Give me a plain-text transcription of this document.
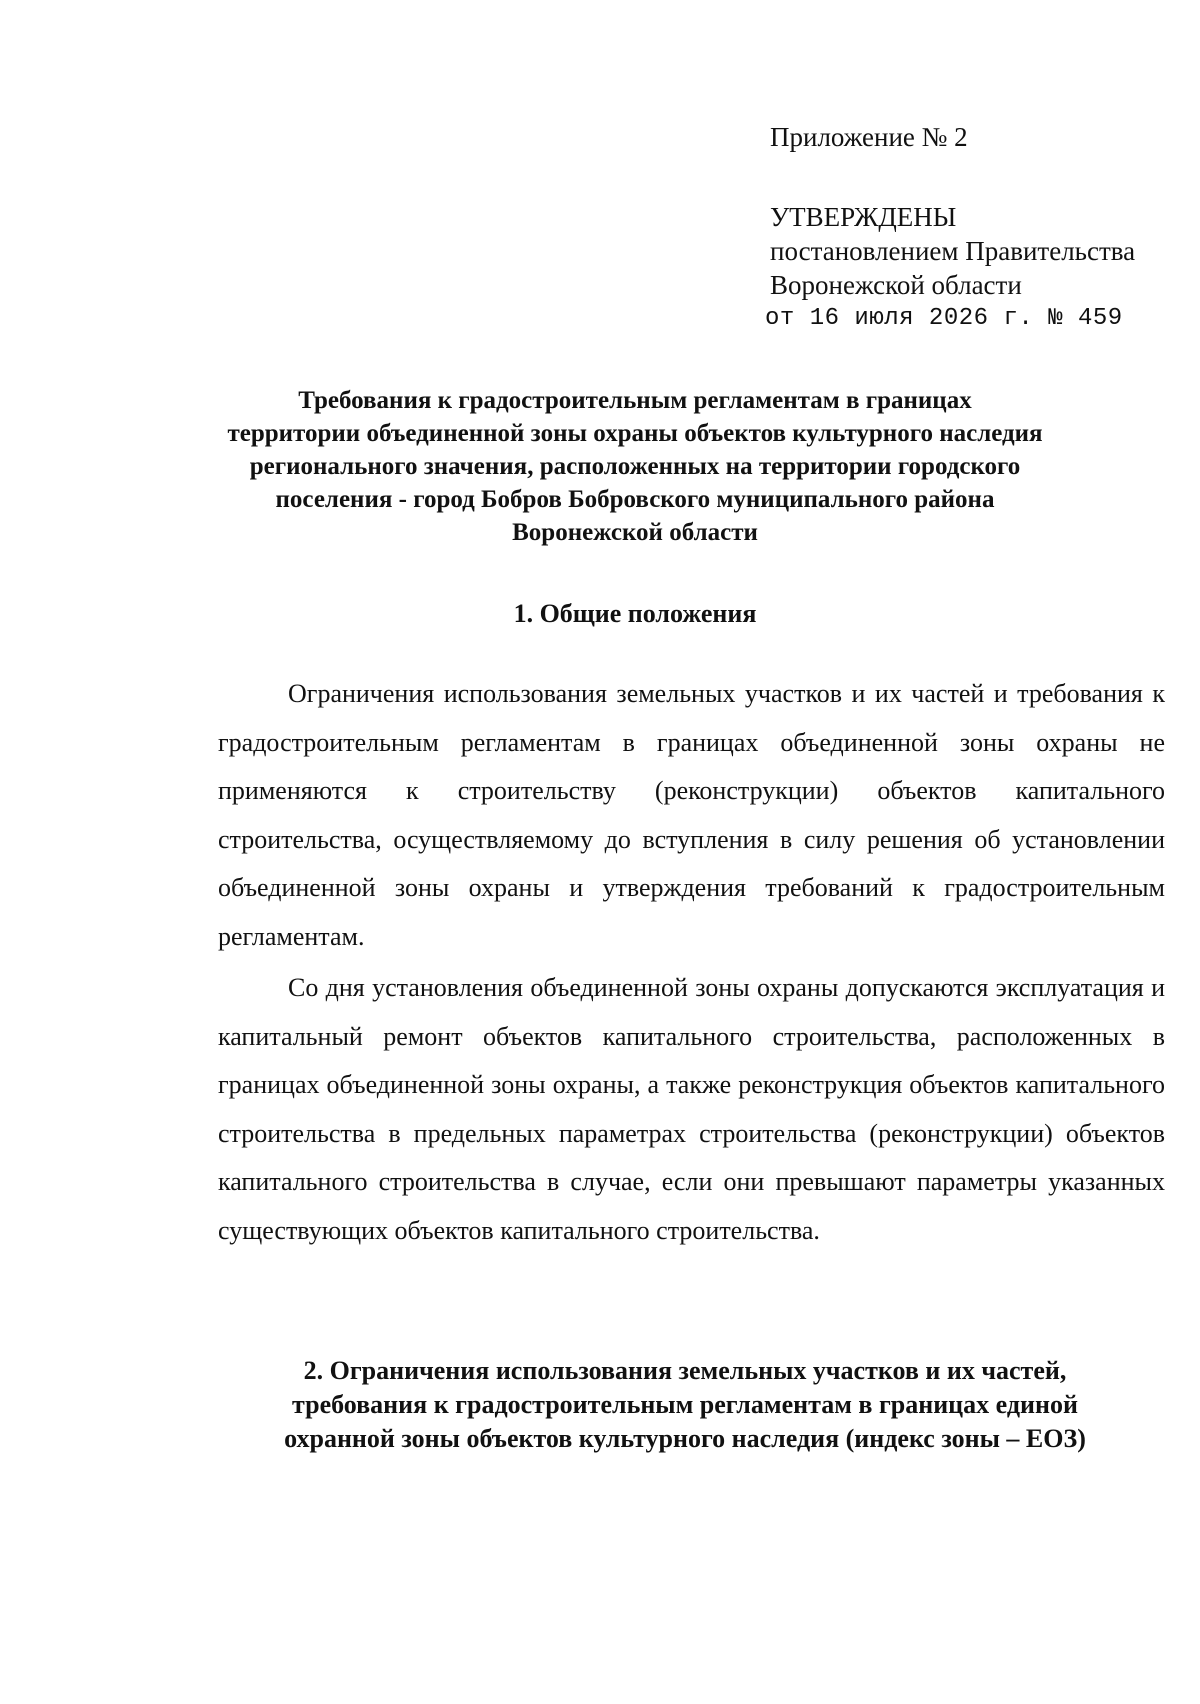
Приложение № 2
УТВЕРЖДЕНЫ
постановлением Правительства
Воронежской области
от 16 июля 2026 г. № 459
Требования к градостроительным регламентам в границах
территории объединенной зоны охраны объектов культурного наследия
регионального значения, расположенных на территории городского
поселения - город Бобров Бобровского муниципального района
Воронежской области
1. Общие положения

Ограничения использования земельных участков и их частей и требования к градостроительным регламентам в границах объединенной зоны охраны не применяются к строительству (реконструкции) объектов капитального строительства, осуществляемому до вступления в силу решения об установлении объединенной зоны охраны и утверждения требований к градостроительным регламентам.

Со дня установления объединенной зоны охраны допускаются эксплуатация и капитальный ремонт объектов капитального строительства, расположенных в границах объединенной зоны охраны, а также реконструкция объектов капитального строительства в предельных параметрах строительства (реконструкции) объектов капитального строительства в случае, если они превышают параметры указанных существующих объектов капитального строительства.

2. Ограничения использования земельных участков и их частей,
требования к градостроительным регламентам в границах единой
охранной зоны объектов культурного наследия (индекс зоны – ЕОЗ)
